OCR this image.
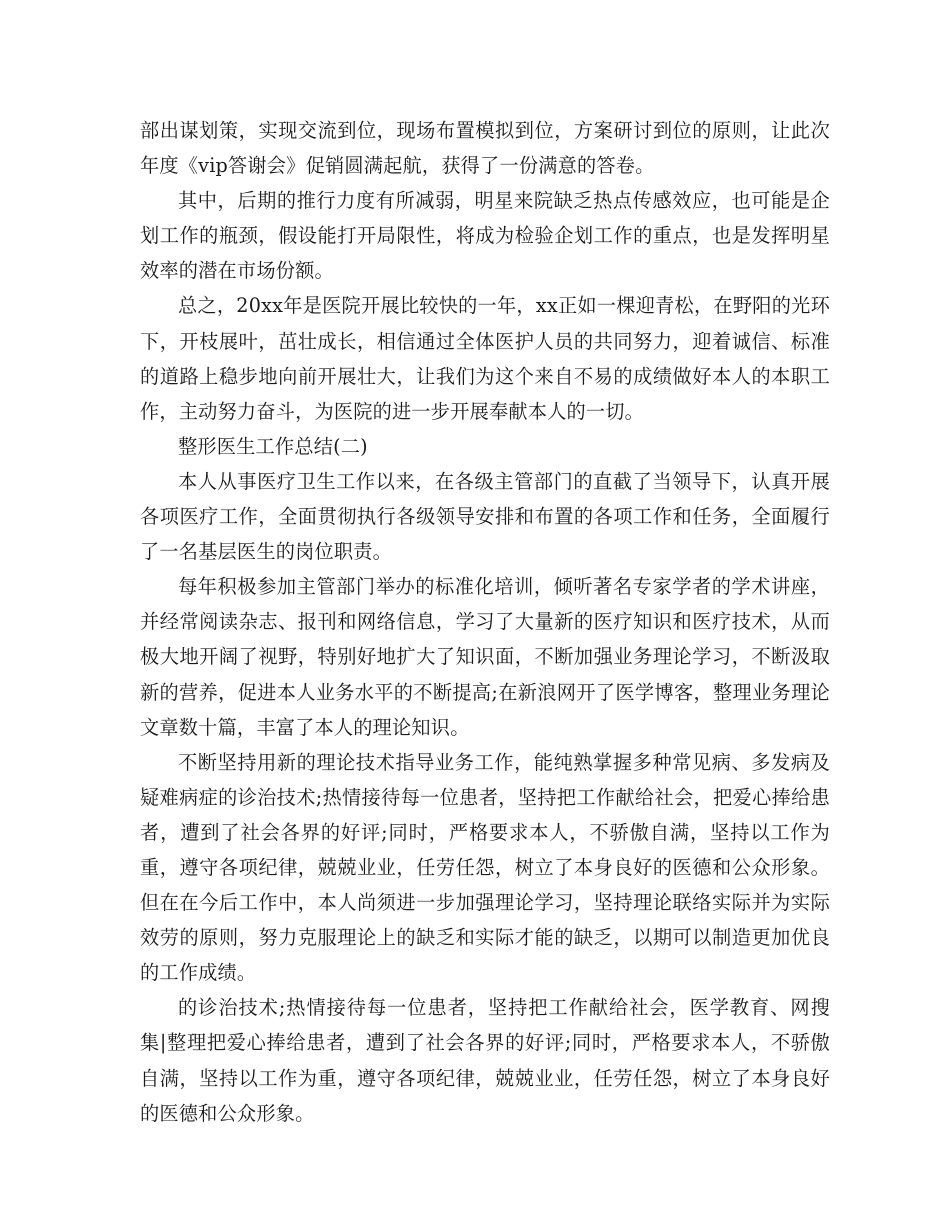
部出谋划策，实现交流到位，现场布置模拟到位，方案研讨到位的原则，让此次年度《vip答谢会》促销圆满起航，获得了一份满意的答卷。

其中，后期的推行力度有所减弱，明星来院缺乏热点传感效应，也可能是企划工作的瓶颈，假设能打开局限性，将成为检验企划工作的重点，也是发挥明星效率的潜在市场份额。

总之，20xx年是医院开展比较快的一年，xx正如一棵迎青松，在野阳的光环下，开枝展叶，茁壮成长，相信通过全体医护人员的共同努力，迎着诚信、标准的道路上稳步地向前开展壮大，让我们为这个来自不易的成绩做好本人的本职工作，主动努力奋斗，为医院的进一步开展奉献本人的一切。

整形医生工作总结(二)

本人从事医疗卫生工作以来，在各级主管部门的直截了当领导下，认真开展各项医疗工作，全面贯彻执行各级领导安排和布置的各项工作和任务，全面履行了一名基层医生的岗位职责。

每年积极参加主管部门举办的标准化培训，倾听著名专家学者的学术讲座，并经常阅读杂志、报刊和网络信息，学习了大量新的医疗知识和医疗技术，从而极大地开阔了视野，特别好地扩大了知识面，不断加强业务理论学习，不断汲取新的营养，促进本人业务水平的不断提高;在新浪网开了医学博客，整理业务理论文章数十篇，丰富了本人的理论知识。

不断坚持用新的理论技术指导业务工作，能纯熟掌握多种常见病、多发病及疑难病症的诊治技术;热情接待每一位患者，坚持把工作献给社会，把爱心捧给患者，遭到了社会各界的好评;同时，严格要求本人，不骄傲自满，坚持以工作为重，遵守各项纪律，兢兢业业，任劳任怨，树立了本身良好的医德和公众形象。但在在今后工作中，本人尚须进一步加强理论学习，坚持理论联络实际并为实际效劳的原则，努力克服理论上的缺乏和实际才能的缺乏，以期可以制造更加优良的工作成绩。

的诊治技术;热情接待每一位患者，坚持把工作献给社会，医学教育、网搜集|整理把爱心捧给患者，遭到了社会各界的好评;同时，严格要求本人，不骄傲自满，坚持以工作为重，遵守各项纪律，兢兢业业，任劳任怨，树立了本身良好的医德和公众形象。
